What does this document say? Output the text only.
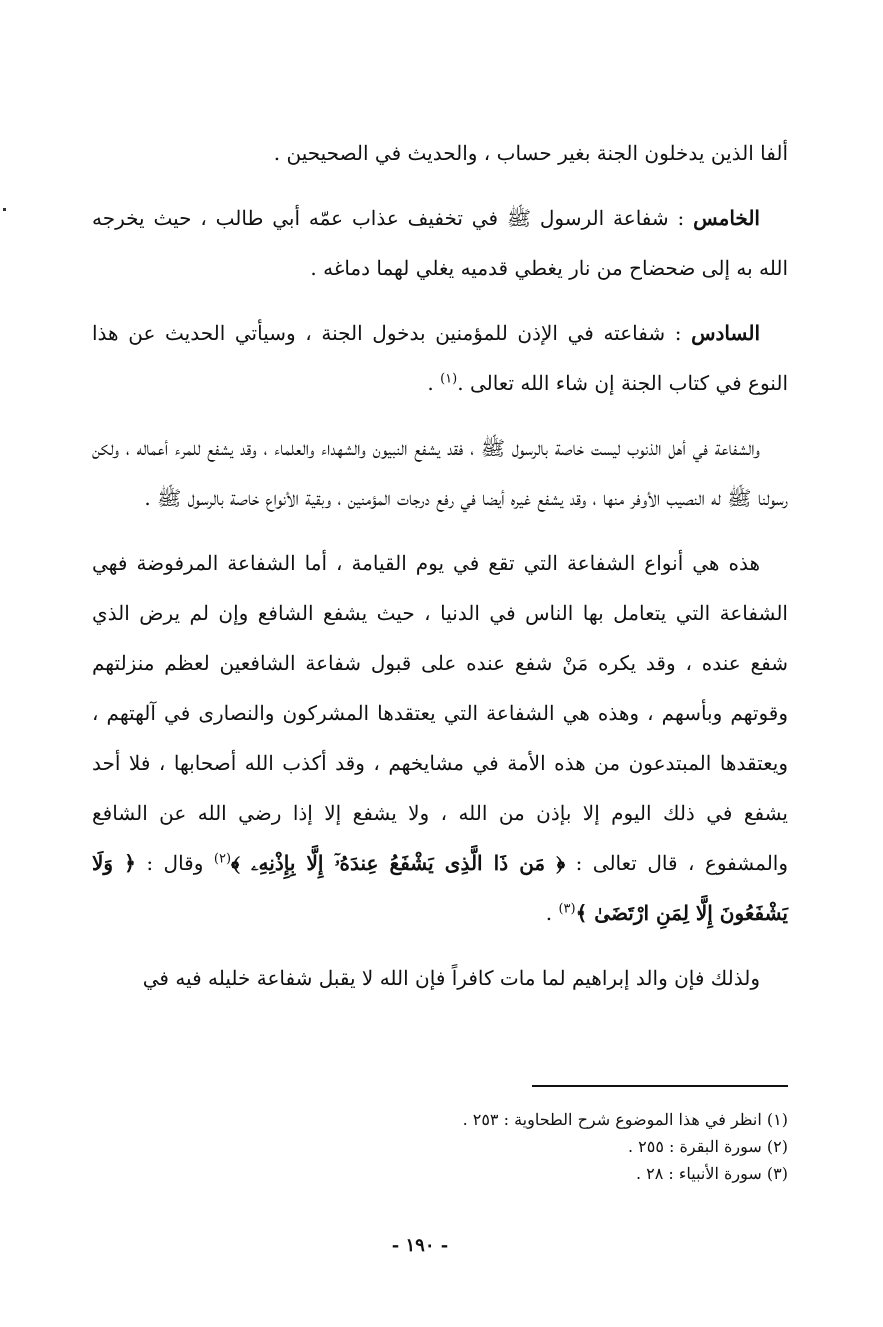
ألفا الذين يدخلون الجنة بغير حساب ، والحديث في الصحيحين .

الخامس : شفاعة الرسول ﷺ في تخفيف عذاب عمّه أبي طالب ، حيث يخرجه الله به إلى ضحضاح من نار يغطي قدميه يغلي لهما دماغه .

السادس : شفاعته في الإذن للمؤمنين بدخول الجنة ، وسيأتي الحديث عن هذا النوع في كتاب الجنة إن شاء الله تعالى .$^{(١)}$ .

والشفاعة في أهل الذنوب ليست خاصة بالرسول ﷺ ، فقد يشفع النبيون والشهداء والعلماء ، وقد يشفع للمرء أعماله ، ولكن رسولنا ﷺ له النصيب الأوفر منها ، وقد يشفع غيره أيضا في رفع درجات المؤمنين ، وبقية الأنواع خاصة بالرسول ﷺ .

هذه هي أنواع الشفاعة التي تقع في يوم القيامة ، أما الشفاعة المرفوضة فهي الشفاعة التي يتعامل بها الناس في الدنيا ، حيث يشفع الشافع وإن لم يرض الذي شفع عنده ، وقد يكره مَنْ شفع عنده على قبول شفاعة الشافعين لعظم منزلتهم وقوتهم وبأسهم ، وهذه هي الشفاعة التي يعتقدها المشركون والنصارى في آلهتهم ، ويعتقدها المبتدعون من هذه الأمة في مشايخهم ، وقد أكذب الله أصحابها ، فلا أحد يشفع في ذلك اليوم إلا بإذن من الله ، ولا يشفع إلا إذا رضي الله عن الشافع والمشفوع ، قال تعالى : ﴿ مَن ذَا الَّذِى يَشْفَعُ عِندَهُۥٓ إِلَّا بِإِذْنِهِۦ ﴾$^{(٢)}$ وقال : ﴿ وَلَا يَشْفَعُونَ إِلَّا لِمَنِ ارْتَضَىٰ ﴾$^{(٣)}$ .

ولذلك فإن والد إبراهيم لما مات كافراً فإن الله لا يقبل شفاعة خليله فيه في

(١) انظر في هذا الموضوع شرح الطحاوية : ٢٥٣ .

(٢) سورة البقرة : ٢٥٥ .

(٣) سورة الأنبياء : ٢٨ .

- ١٩٠ -
